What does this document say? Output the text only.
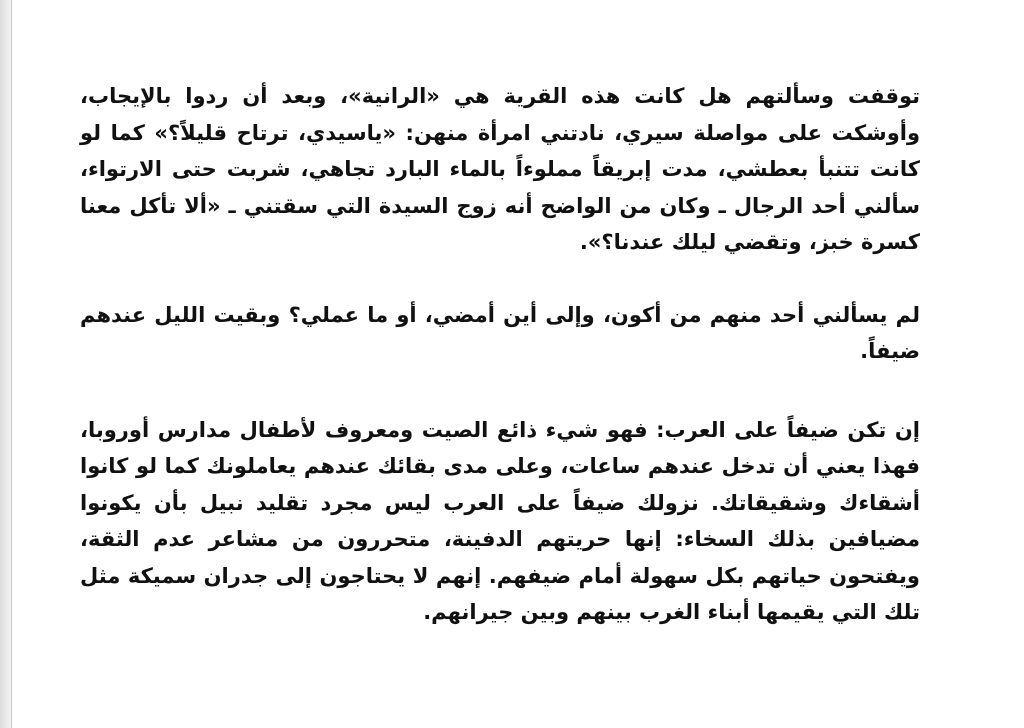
توقفت وسألتهم هل كانت هذه القرية هي «الرانية»، وبعد أن ردوا بالإيجاب، وأوشكت على مواصلة سيري، نادتني امرأة منهن: «ياسيدي، ترتاح قليلاً؟» كما لو كانت تتنبأ بعطشي، مدت إبريقاً مملوءاً بالماء البارد تجاهي، شربت حتى الارتواء، سألني أحد الرجال ـ وكان من الواضح أنه زوج السيدة التي سقتني ـ «ألا تأكل معنا كسرة خبز، وتقضي ليلك عندنا؟».

لم يسألني أحد منهم من أكون، وإلى أين أمضي، أو ما عملي؟ وبقيت الليل عندهم ضيفاً.

إن تكن ضيفاً على العرب: فهو شيء ذائع الصيت ومعروف لأطفال مدارس أوروبا، فهذا يعني أن تدخل عندهم ساعات، وعلى مدى بقائك عندهم يعاملونك كما لو كانوا أشقاءك وشقيقاتك. نزولك ضيفاً على العرب ليس مجرد تقليد نبيل بأن يكونوا مضيافين بذلك السخاء: إنها حريتهم الدفينة، متحررون من مشاعر عدم الثقة، ويفتحون حياتهم بكل سهولة أمام ضيفهم. إنهم لا يحتاجون إلى جدران سميكة مثل تلك التي يقيمها أبناء الغرب بينهم وبين جيرانهم.
